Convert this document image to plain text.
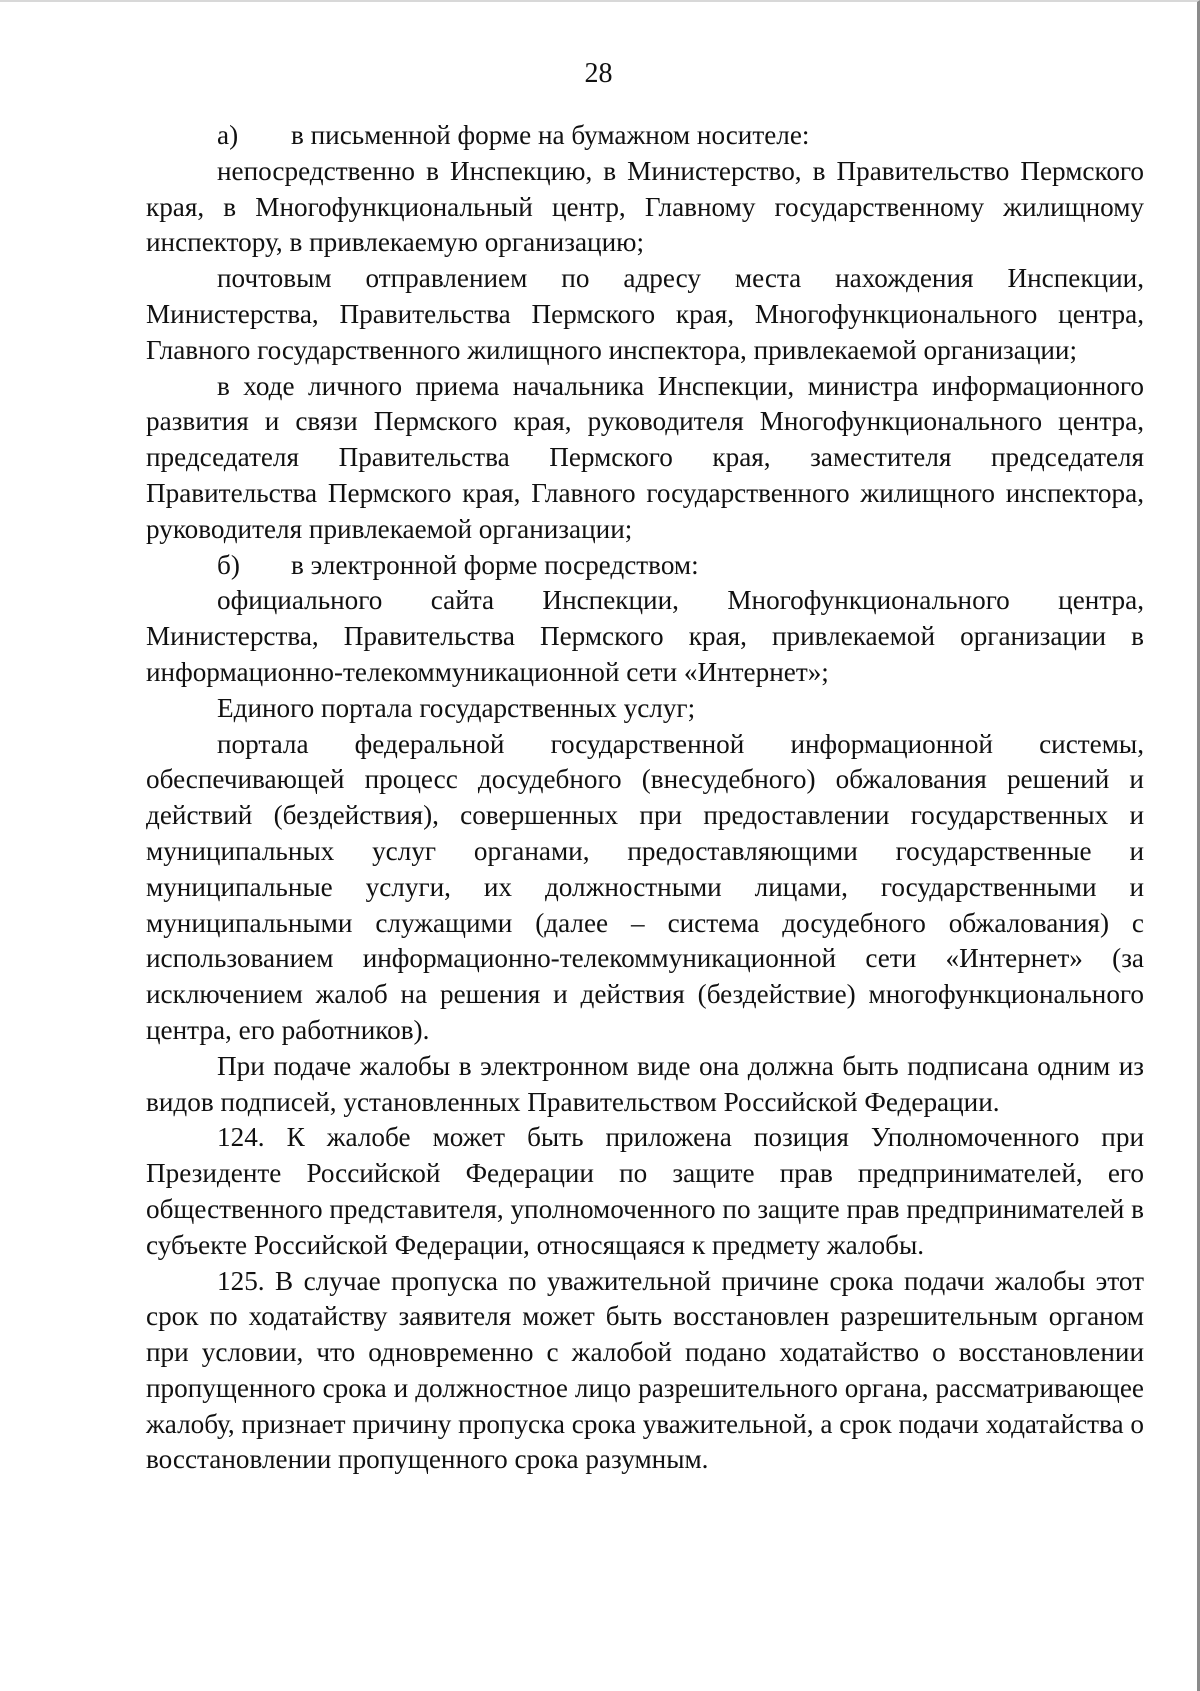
28

а) в письменной форме на бумажном носителе:

непосредственно в Инспекцию, в Министерство, в Правительство Пермского края, в Многофункциональный центр, Главному государственному жилищному инспектору, в привлекаемую организацию;

почтовым отправлением по адресу места нахождения Инспекции, Министерства, Правительства Пермского края, Многофункционального центра, Главного государственного жилищного инспектора, привлекаемой организации;

в ходе личного приема начальника Инспекции, министра информационного развития и связи Пермского края, руководителя Многофункционального центра, председателя Правительства Пермского края, заместителя председателя Правительства Пермского края, Главного государственного жилищного инспектора, руководителя привлекаемой организации;

б) в электронной форме посредством:

официального сайта Инспекции, Многофункционального центра, Министерства, Правительства Пермского края, привлекаемой организации в информационно-телекоммуникационной сети «Интернет»;

Единого портала государственных услуг;

портала федеральной государственной информационной системы, обеспечивающей процесс досудебного (внесудебного) обжалования решений и действий (бездействия), совершенных при предоставлении государственных и муниципальных услуг органами, предоставляющими государственные и муниципальные услуги, их должностными лицами, государственными и муниципальными служащими (далее – система досудебного обжалования) с использованием информационно-телекоммуникационной сети «Интернет» (за исключением жалоб на решения и действия (бездействие) многофункционального центра, его работников).

При подаче жалобы в электронном виде она должна быть подписана одним из видов подписей, установленных Правительством Российской Федерации.

124. К жалобе может быть приложена позиция Уполномоченного при Президенте Российской Федерации по защите прав предпринимателей, его общественного представителя, уполномоченного по защите прав предпринимателей в субъекте Российской Федерации, относящаяся к предмету жалобы.

125. В случае пропуска по уважительной причине срока подачи жалобы этот срок по ходатайству заявителя может быть восстановлен разрешительным органом при условии, что одновременно с жалобой подано ходатайство о восстановлении пропущенного срока и должностное лицо разрешительного органа, рассматривающее жалобу, признает причину пропуска срока уважительной, а срок подачи ходатайства о восстановлении пропущенного срока разумным.
